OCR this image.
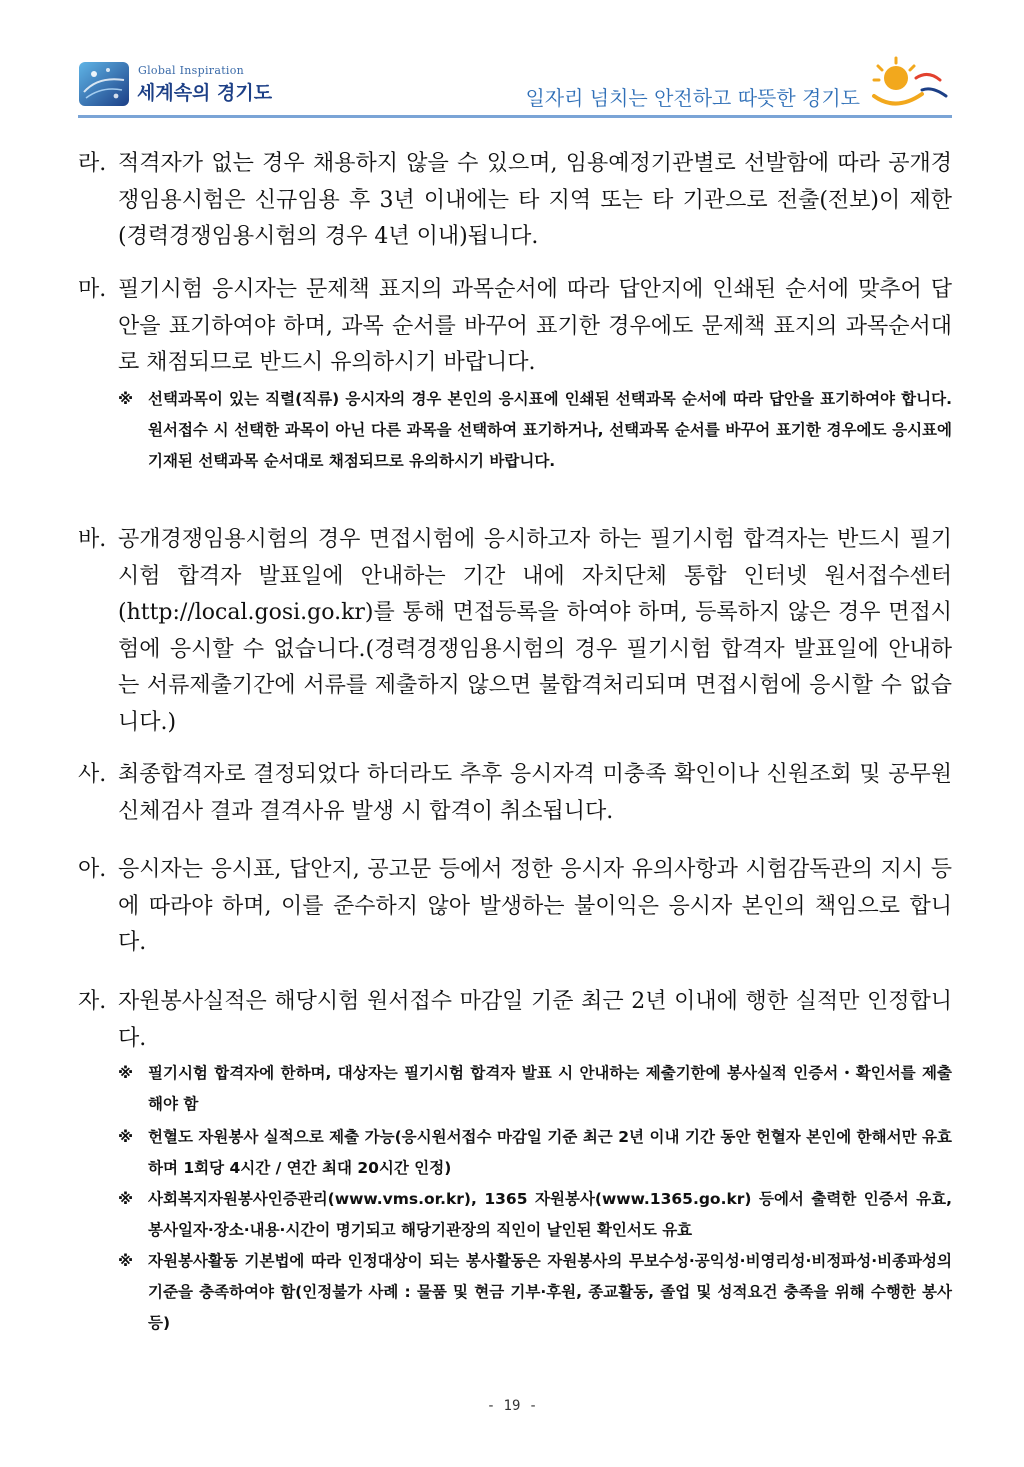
Global Inspiration
세계속의 경기도	일자리 넘치는 안전하고 따뜻한 경기도
라. 적격자가 없는 경우 채용하지 않을 수 있으며, 임용예정기관별로 선발함에 따라 공개경쟁임용시험은 신규임용 후 3년 이내에는 타 지역 또는 타 기관으로 전출(전보)이 제한(경력경쟁임용시험의 경우 4년 이내)됩니다.
마. 필기시험 응시자는 문제책 표지의 과목순서에 따라 답안지에 인쇄된 순서에 맞추어 답안을 표기하여야 하며, 과목 순서를 바꾸어 표기한 경우에도 문제책 표지의 과목순서대로 채점되므로 반드시 유의하시기 바랍니다.
※ 선택과목이 있는 직렬(직류) 응시자의 경우 본인의 응시표에 인쇄된 선택과목 순서에 따라 답안을 표기하여야 합니다. 원서접수 시 선택한 과목이 아닌 다른 과목을 선택하여 표기하거나, 선택과목 순서를 바꾸어 표기한 경우에도 응시표에 기재된 선택과목 순서대로 채점되므로 유의하시기 바랍니다.
바. 공개경쟁임용시험의 경우 면접시험에 응시하고자 하는 필기시험 합격자는 반드시 필기시험 합격자 발표일에 안내하는 기간 내에 자치단체 통합 인터넷 원서접수센터(http://local.gosi.go.kr)를 통해 면접등록을 하여야 하며, 등록하지 않은 경우 면접시험에 응시할 수 없습니다.(경력경쟁임용시험의 경우 필기시험 합격자 발표일에 안내하는 서류제출기간에 서류를 제출하지 않으면 불합격처리되며 면접시험에 응시할 수 없습니다.)
사. 최종합격자로 결정되었다 하더라도 추후 응시자격 미충족 확인이나 신원조회 및 공무원신체검사 결과 결격사유 발생 시 합격이 취소됩니다.
아. 응시자는 응시표, 답안지, 공고문 등에서 정한 응시자 유의사항과 시험감독관의 지시 등에 따라야 하며, 이를 준수하지 않아 발생하는 불이익은 응시자 본인의 책임으로 합니다.
자. 자원봉사실적은 해당시험 원서접수 마감일 기준 최근 2년 이내에 행한 실적만 인정합니다.
※ 필기시험 합격자에 한하며, 대상자는 필기시험 합격자 발표 시 안내하는 제출기한에 봉사실적 인증서・확인서를 제출해야 함
※ 헌혈도 자원봉사 실적으로 제출 가능(응시원서접수 마감일 기준 최근 2년 이내 기간 동안 헌혈자 본인에 한해서만 유효하며 1회당 4시간 / 연간 최대 20시간 인정)
※ 사회복지자원봉사인증관리(www.vms.or.kr), 1365 자원봉사(www.1365.go.kr) 등에서 출력한 인증서 유효, 봉사일자·장소·내용·시간이 명기되고 해당기관장의 직인이 날인된 확인서도 유효
※ 자원봉사활동 기본법에 따라 인정대상이 되는 봉사활동은 자원봉사의 무보수성·공익성·비영리성·비정파성·비종파성의 기준을 충족하여야 함(인정불가 사례 : 물품 및 현금 기부·후원, 종교활동, 졸업 및 성적요건 충족을 위해 수행한 봉사 등)
- 19 -
